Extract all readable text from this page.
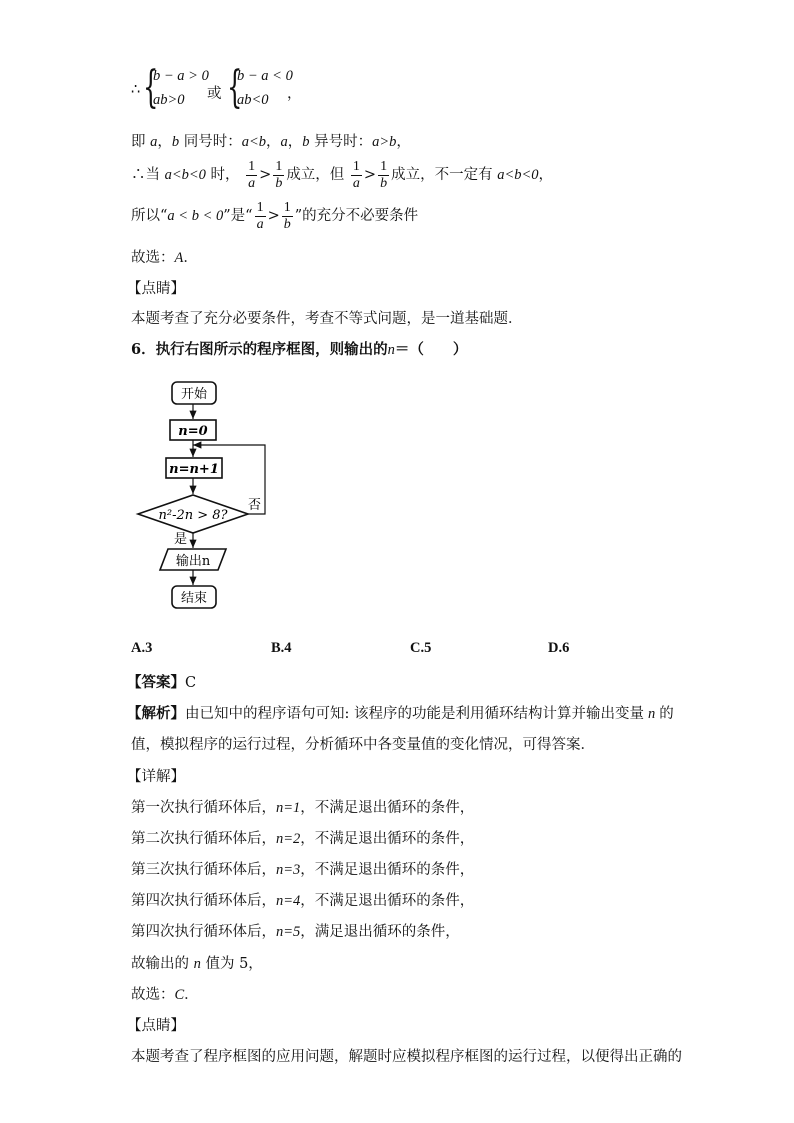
∴ {
b − a > 0
ab>0 或 {
b − a < 0
ab<0 ，
即 a，b 同号时：a<b，a，b 异号时：a>b，
∴当 a<b<0 时， $\frac{1}{a} > \frac{1}{b}$ 成立，但 $\frac{1}{a} > \frac{1}{b}$ 成立，不一定有 a<b<0，
所以“a < b < 0”是“ $\frac{1}{a} > \frac{1}{b}$ ”的充分不必要条件
故选：A．
【点睛】
本题考查了充分必要条件，考查不等式问题，是一道基础题．
6．执行右图所示的程序框图，则输出的n＝（　　）
开始
n=0
n=n+1
n²-2n > 8?
否
是
输出n
结束
A.3	B.4	C.5	D.6
【答案】C
【解析】由已知中的程序语句可知: 该程序的功能是利用循环结构计算并输出变量 n 的
值，模拟程序的运行过程，分析循环中各变量值的变化情况，可得答案．
【详解】
第一次执行循环体后，n=1，不满足退出循环的条件，
第二次执行循环体后，n=2，不满足退出循环的条件，
第三次执行循环体后，n=3，不满足退出循环的条件，
第四次执行循环体后，n=4，不满足退出循环的条件，
第四次执行循环体后，n=5，满足退出循环的条件，
故输出的 n 值为 5，
故选：C．
【点睛】
本题考查了程序框图的应用问题，解题时应模拟程序框图的运行过程，以便得出正确的
